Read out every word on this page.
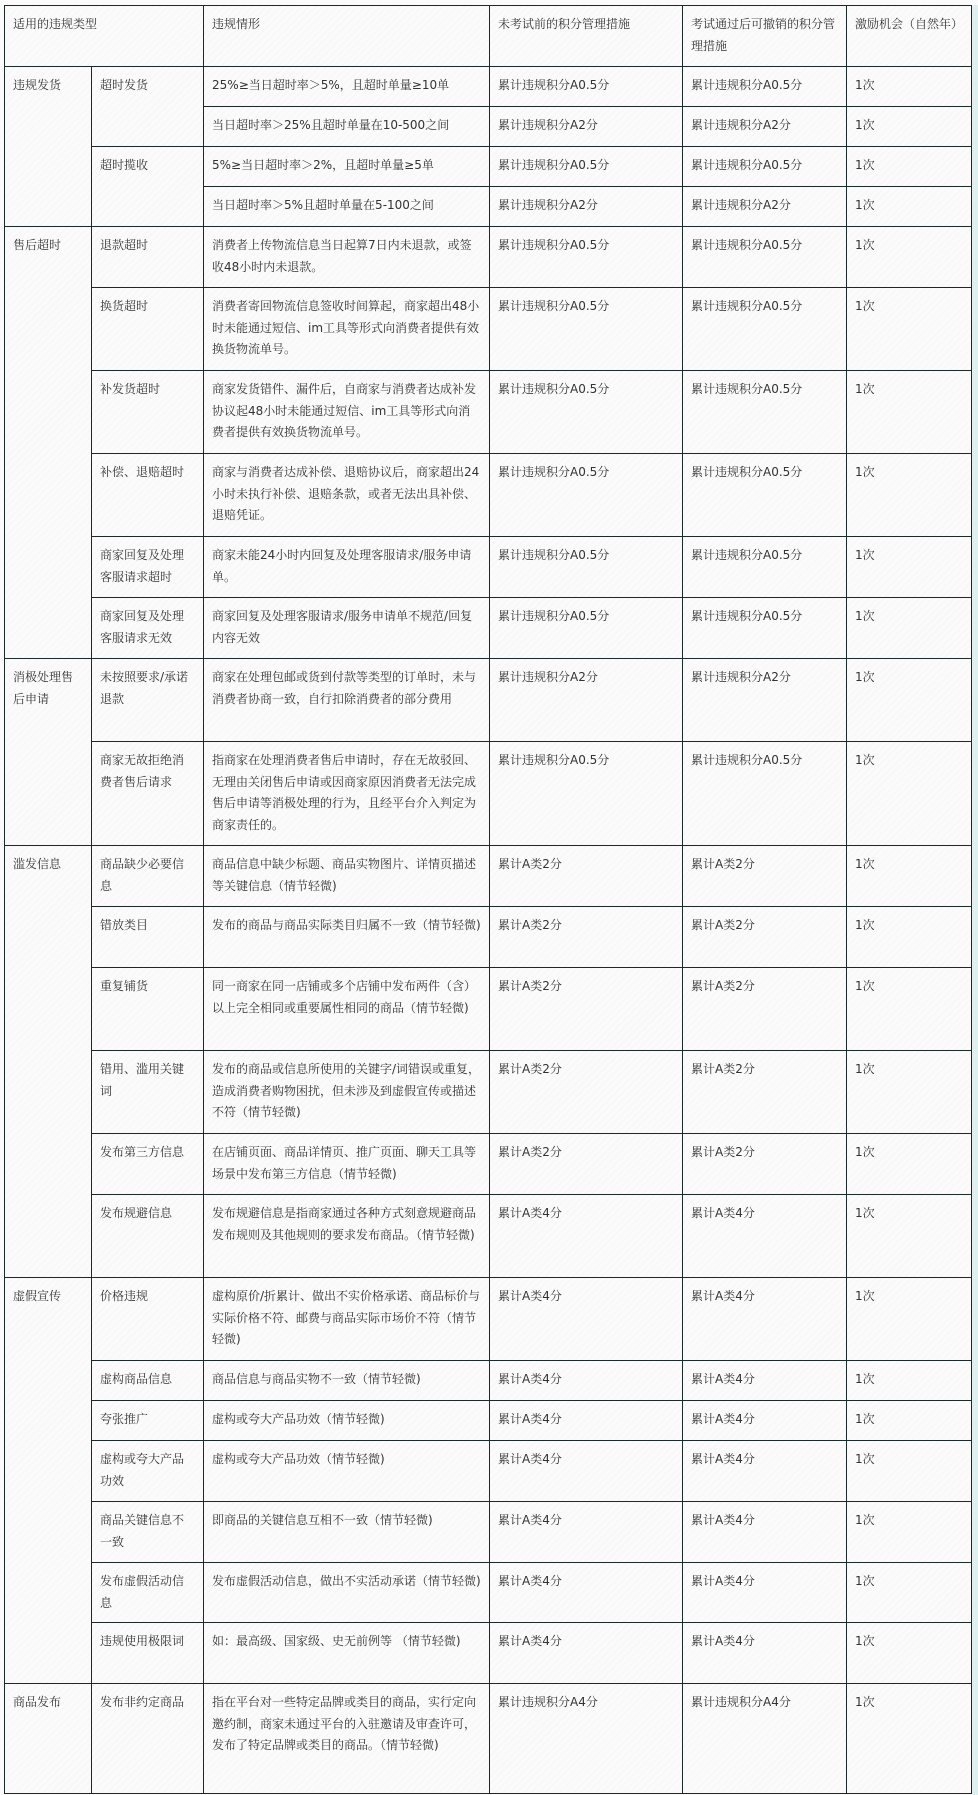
适用的违规类型		违规情形	未考试前的积分管理措施	考试通过后可撤销的积分管理措施	激励机会（自然年）
违规发货	超时发货	25%≥当日超时率＞5%，且超时单量≥10单	累计违规积分A0.5分	累计违规积分A0.5分	1次
		当日超时率＞25%且超时单量在10-500之间	累计违规积分A2分	累计违规积分A2分	1次
	超时揽收	5%≥当日超时率＞2%，且超时单量≥5单	累计违规积分A0.5分	累计违规积分A0.5分	1次
		当日超时率＞5%且超时单量在5-100之间	累计违规积分A2分	累计违规积分A2分	1次
售后超时	退款超时	消费者上传物流信息当日起算7日内未退款，或签收48小时内未退款。	累计违规积分A0.5分	累计违规积分A0.5分	1次
	换货超时	消费者寄回物流信息签收时间算起，商家超出48小时未能通过短信、im工具等形式向消费者提供有效换货物流单号。	累计违规积分A0.5分	累计违规积分A0.5分	1次
	补发货超时	商家发货错件、漏件后，自商家与消费者达成补发协议起48小时未能通过短信、im工具等形式向消费者提供有效换货物流单号。	累计违规积分A0.5分	累计违规积分A0.5分	1次
	补偿、退赔超时	商家与消费者达成补偿、退赔协议后，商家超出24小时未执行补偿、退赔条款，或者无法出具补偿、退赔凭证。	累计违规积分A0.5分	累计违规积分A0.5分	1次
	商家回复及处理客服请求超时	商家未能24小时内回复及处理客服请求/服务申请单。	累计违规积分A0.5分	累计违规积分A0.5分	1次
	商家回复及处理客服请求无效	商家回复及处理客服请求/服务申请单不规范/回复内容无效	累计违规积分A0.5分	累计违规积分A0.5分	1次
消极处理售后申请	未按照要求/承诺退款	商家在处理包邮或货到付款等类型的订单时，未与消费者协商一致，自行扣除消费者的部分费用	累计违规积分A2分	累计违规积分A2分	1次
	商家无故拒绝消费者售后请求	指商家在处理消费者售后申请时，存在无故驳回、无理由关闭售后申请或因商家原因消费者无法完成售后申请等消极处理的行为，且经平台介入判定为商家责任的。	累计违规积分A0.5分	累计违规积分A0.5分	1次
滥发信息	商品缺少必要信息	商品信息中缺少标题、商品实物图片、详情页描述等关键信息（情节轻微)	累计A类2分	累计A类2分	1次
	错放类目	发布的商品与商品实际类目归属不一致（情节轻微)	累计A类2分	累计A类2分	1次
	重复铺货	同一商家在同一店铺或多个店铺中发布两件（含）以上完全相同或重要属性相同的商品（情节轻微)	累计A类2分	累计A类2分	1次
	错用、滥用关键词	发布的商品或信息所使用的关键字/词错误或重复，造成消费者购物困扰，但未涉及到虚假宣传或描述不符（情节轻微)	累计A类2分	累计A类2分	1次
	发布第三方信息	在店铺页面、商品详情页、推广页面、聊天工具等场景中发布第三方信息（情节轻微)	累计A类2分	累计A类2分	1次
	发布规避信息	发布规避信息是指商家通过各种方式刻意规避商品发布规则及其他规则的要求发布商品。（情节轻微)	累计A类4分	累计A类4分	1次
虚假宣传	价格违规	虚构原价/折累计、做出不实价格承诺、商品标价与实际价格不符、邮费与商品实际市场价不符（情节轻微)	累计A类4分	累计A类4分	1次
	虚构商品信息	商品信息与商品实物不一致（情节轻微)	累计A类4分	累计A类4分	1次
	夸张推广	虚构或夸大产品功效（情节轻微)	累计A类4分	累计A类4分	1次
	虚构或夸大产品功效	虚构或夸大产品功效（情节轻微)	累计A类4分	累计A类4分	1次
	商品关键信息不一致	即商品的关键信息互相不一致（情节轻微)	累计A类4分	累计A类4分	1次
	发布虚假活动信息	发布虚假活动信息，做出不实活动承诺（情节轻微)	累计A类4分	累计A类4分	1次
	违规使用极限词	如：最高级、国家级、史无前例等 （情节轻微)	累计A类4分	累计A类4分	1次
商品发布	发布非约定商品	指在平台对一些特定品牌或类目的商品，实行定向邀约制，商家未通过平台的入驻邀请及审查许可，发布了特定品牌或类目的商品。（情节轻微)	累计违规积分A4分	累计违规积分A4分	1次
